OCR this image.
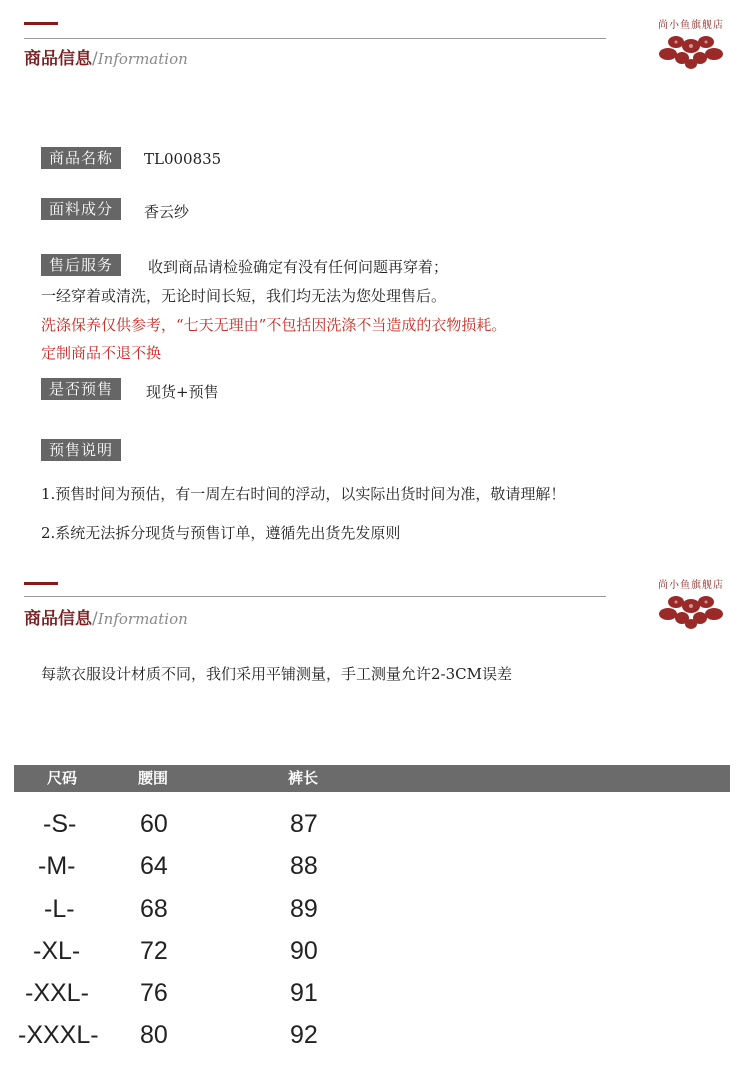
商品信息/Information
尚小鱼旗舰店
商品名称	TL000835
面料成分	香云纱
售后服务	收到商品请检验确定有没有任何问题再穿着；
一经穿着或清洗，无论时间长短，我们均无法为您处理售后。
洗涤保养仅供参考，“七天无理由”不包括因洗涤不当造成的衣物损耗。
定制商品不退不换
是否预售	现货+预售
预售说明
1.预售时间为预估，有一周左右时间的浮动，以实际出货时间为准，敬请理解！
2.系统无法拆分现货与预售订单，遵循先出货先发原则
商品信息/Information
尚小鱼旗舰店
每款衣服设计材质不同，我们采用平铺测量，手工测量允许2-3CM误差
尺码	腰围	裤长
-S-	60	87
-M-	64	88
-L-	68	89
-XL- 72	90
-XXL- 76	91
-XXXL- 80	92
